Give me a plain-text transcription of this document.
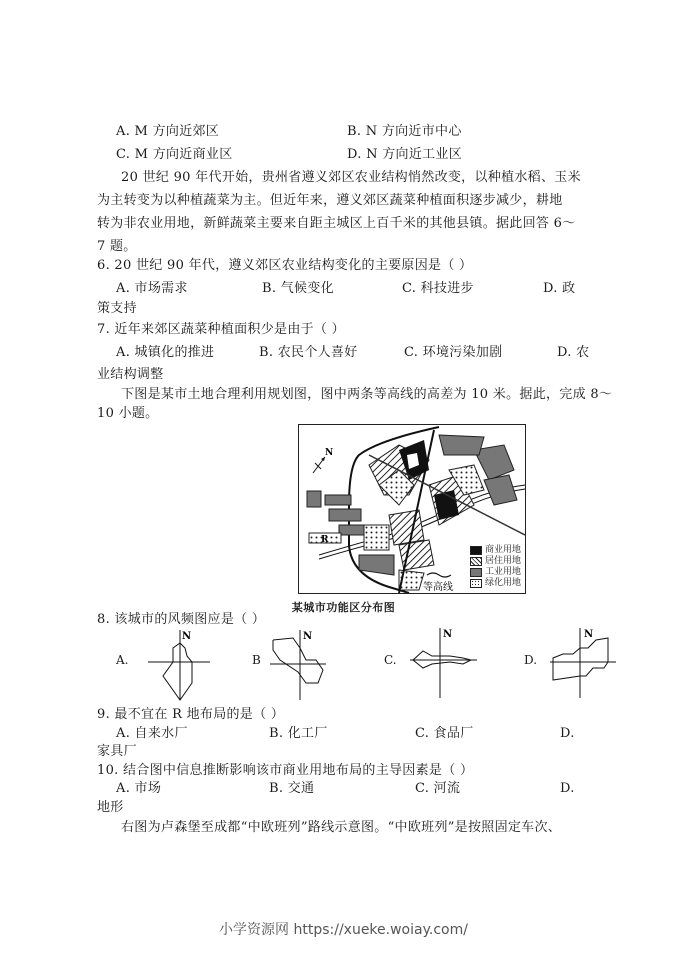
A. M 方向近郊区	B. N 方向近市中心
C. M 方向近商业区	D. N 方向近工业区
20 世纪 90 年代开始，贵州省遵义郊区农业结构悄然改变，以种植水稻、玉米
为主转变为以种植蔬菜为主。但近年来，遵义郊区蔬菜种植面积逐步减少，耕地
转为非农业用地，新鲜蔬菜主要来自距主城区上百千米的其他县镇。据此回答 6～
7 题。
6. 20 世纪 90 年代，遵义郊区农业结构变化的主要原因是（ ）
A. 市场需求	B. 气候变化	C. 科技进步	D. 政
策支持
7. 近年来郊区蔬菜种植面积少是由于（ ）
A. 城镇化的推进	B. 农民个人喜好	C. 环境污染加剧	D. 农
业结构调整
下图是某市土地合理利用规划图，图中两条等高线的高差为 10 米。据此，完成 8～
10 小题。
N
R
等高线
商业用地
居住用地
工业用地
绿化用地
某城市功能区分布图
8. 该城市的风频图应是（ ）
A.
N
B
N
C.
N
D.
N
9. 最不宜在 R 地布局的是（ ）
A. 自来水厂	B. 化工厂	C. 食品厂	D.
家具厂
10. 结合图中信息推断影响该市商业用地布局的主导因素是（ ）
A. 市场	B. 交通	C. 河流	D.
地形
右图为卢森堡至成都“中欧班列”路线示意图。“中欧班列”是按照固定车次、
小学资源网 https://xueke.woiay.com/
